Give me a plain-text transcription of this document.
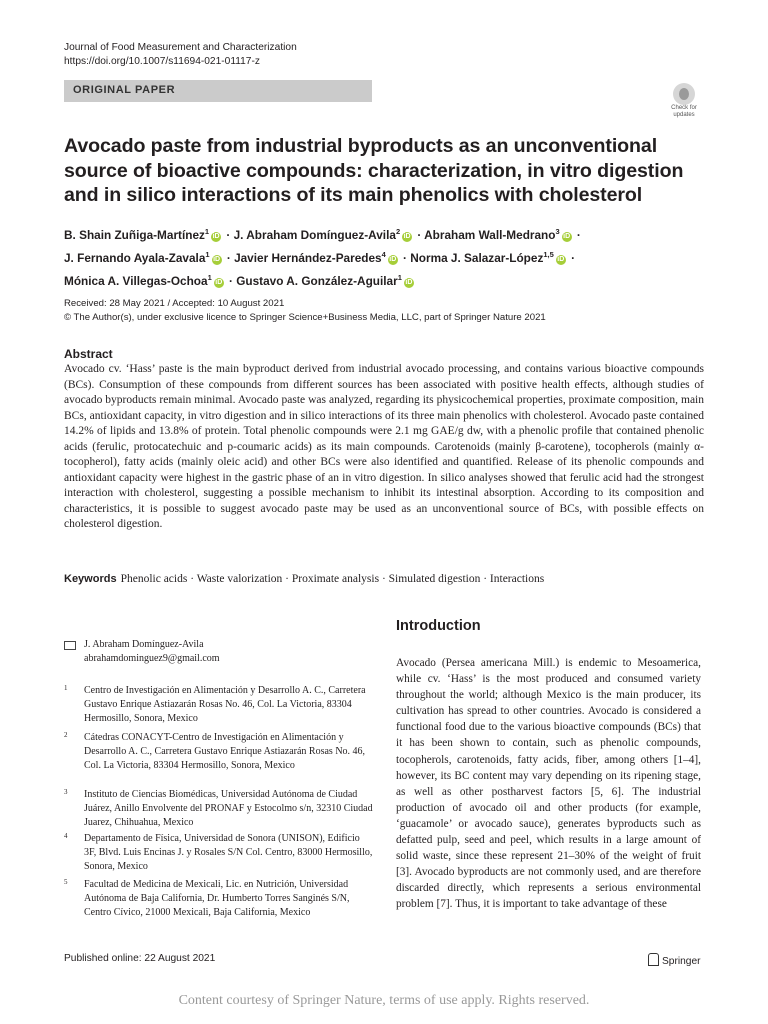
Journal of Food Measurement and Characterization
https://doi.org/10.1007/s11694-021-01117-z
ORIGINAL PAPER
Check for
updates
Avocado paste from industrial byproducts as an unconventional source of bioactive compounds: characterization, in vitro digestion and in silico interactions of its main phenolics with cholesterol
B. Shain Zuñiga-Martínez$^1$iD · J. Abraham Domínguez-Avila$^2$iD · Abraham Wall-Medrano$^3$iD ·
J. Fernando Ayala-Zavala$^1$iD · Javier Hernández-Paredes$^4$iD · Norma J. Salazar-López$^{1,5}$iD ·
Mónica A. Villegas-Ochoa$^1$iD · Gustavo A. González-Aguilar$^1$iD
Received: 28 May 2021 / Accepted: 10 August 2021
© The Author(s), under exclusive licence to Springer Science+Business Media, LLC, part of Springer Nature 2021
Abstract
Avocado cv. ‘Hass’ paste is the main byproduct derived from industrial avocado processing, and contains various bioactive compounds (BCs). Consumption of these compounds from different sources has been associated with positive health effects, although studies of avocado byproducts remain minimal. Avocado paste was analyzed, regarding its physicochemical properties, proximate composition, main BCs, antioxidant capacity, in vitro digestion and in silico interactions of its three main phenolics with cholesterol. Avocado paste contained 14.2% of lipids and 13.8% of protein. Total phenolic compounds were 2.1 mg GAE/g dw, with a phenolic profile that contained phenolic acids (ferulic, protocatechuic and p-coumaric acids) as its main compounds. Carotenoids (mainly β-carotene), tocopherols (mainly α-tocopherol), fatty acids (mainly oleic acid) and other BCs were also identified and quantified. Release of its phenolic compounds and antioxidant capacity were highest in the gastric phase of an in vitro digestion. In silico analyses showed that ferulic acid had the strongest interaction with cholesterol, suggesting a possible mechanism to inhibit its intestinal absorption. According to its composition and characteristics, it is possible to suggest avocado paste may be used as an unconventional source of BCs, with possible effects on cholesterol digestion.
Keywords Phenolic acids · Waste valorization · Proximate analysis · Simulated digestion · Interactions
J. Abraham Domínguez-Avila
abrahamdominguez9@gmail.com
1 Centro de Investigación en Alimentación y Desarrollo A. C., Carretera Gustavo Enrique Astiazarán Rosas No. 46, Col. La Victoria, 83304 Hermosillo, Sonora, Mexico
2 Cátedras CONACYT-Centro de Investigación en Alimentación y Desarrollo A. C., Carretera Gustavo Enrique Astiazarán Rosas No. 46, Col. La Victoria, 83304 Hermosillo, Sonora, Mexico
3 Instituto de Ciencias Biomédicas, Universidad Autónoma de Ciudad Juárez, Anillo Envolvente del PRONAF y Estocolmo s/n, 32310 Ciudad Juarez, Chihuahua, Mexico
4 Departamento de Física, Universidad de Sonora (UNISON), Edificio 3F, Blvd. Luis Encinas J. y Rosales S/N Col. Centro, 83000 Hermosillo, Sonora, Mexico
5 Facultad de Medicina de Mexicali, Lic. en Nutrición, Universidad Autónoma de Baja California, Dr. Humberto Torres Sanginés S/N, Centro Cívico, 21000 Mexicali, Baja California, Mexico
Introduction
Avocado (Persea americana Mill.) is endemic to Mesoamerica, while cv. ‘Hass’ is the most produced and consumed variety throughout the world; although Mexico is the main producer, its cultivation has spread to other countries. Avocado is considered a functional food due to the various bioactive compounds (BCs) that it has been shown to contain, such as phenolic compounds, tocopherols, carotenoids, fatty acids, fiber, among others [1–4], however, its BC content may vary depending on its ripening stage, as well as other postharvest factors [5, 6]. The industrial production of avocado oil and other products (for example, ‘guacamole’ or avocado sauce), generates byproducts such as defatted pulp, seed and peel, which results in a large amount of solid waste, since these represent 21–30% of the weight of fruit [3]. Avocado byproducts are not commonly used, and are therefore discarded directly, which represents a serious environmental problem [7]. Thus, it is important to take advantage of these
Published online: 22 August 2021	Springer
Content courtesy of Springer Nature, terms of use apply. Rights reserved.
